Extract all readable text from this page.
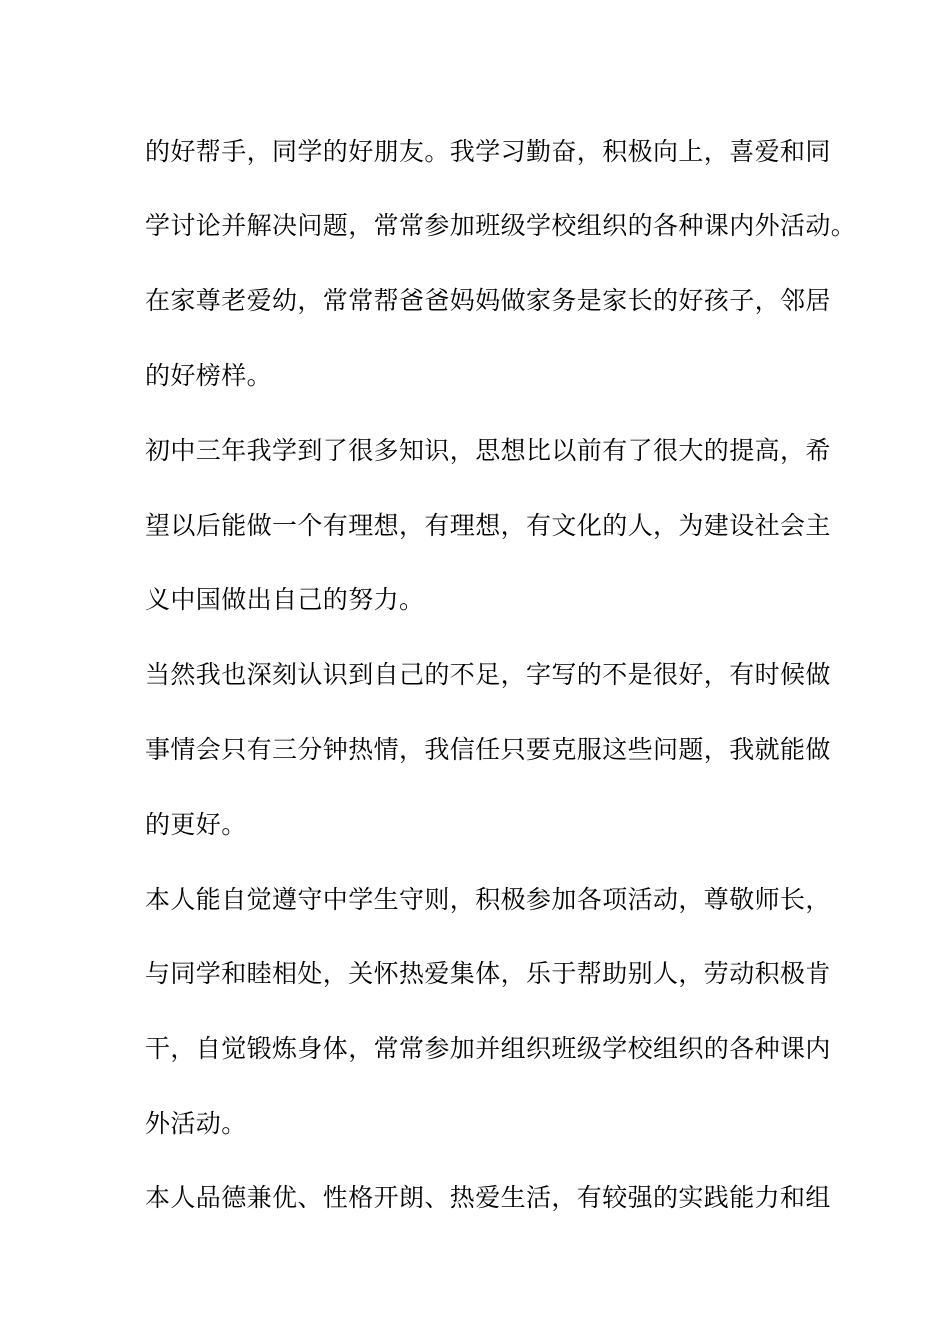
的好帮手，同学的好朋友。我学习勤奋，积极向上，喜爱和同
学讨论并解决问题，常常参加班级学校组织的各种课内外活动。
在家尊老爱幼，常常帮爸爸妈妈做家务是家长的好孩子，邻居
的好榜样。
初中三年我学到了很多知识，思想比以前有了很大的提高，希
望以后能做一个有理想，有理想，有文化的人，为建设社会主
义中国做出自己的努力。
当然我也深刻认识到自己的不足，字写的不是很好，有时候做
事情会只有三分钟热情，我信任只要克服这些问题，我就能做
的更好。
本人能自觉遵守中学生守则，积极参加各项活动，尊敬师长，
与同学和睦相处，关怀热爱集体，乐于帮助别人，劳动积极肯
干，自觉锻炼身体，常常参加并组织班级学校组织的各种课内
外活动。
本人品德兼优、性格开朗、热爱生活，有较强的实践能力和组
